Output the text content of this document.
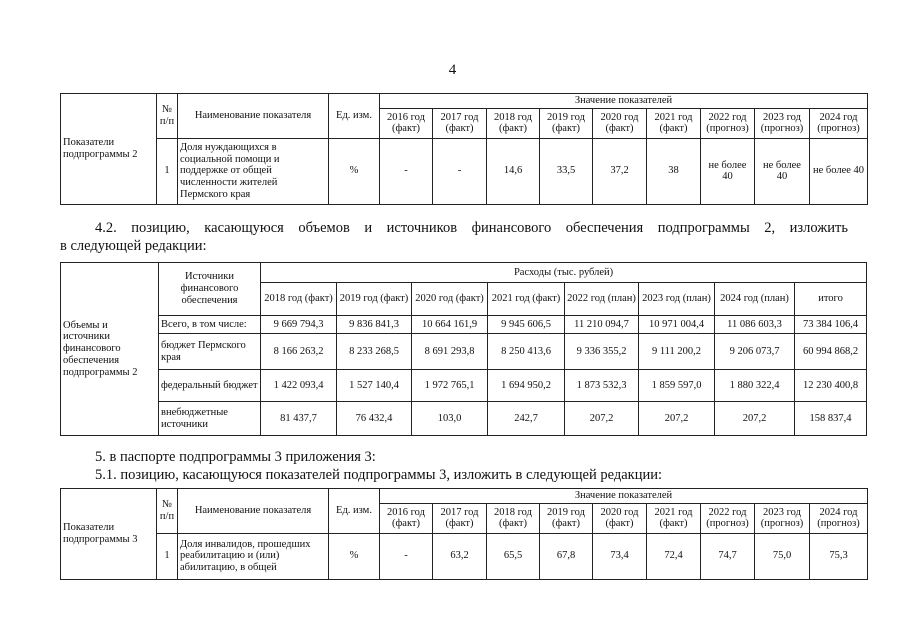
4
Показатели подпрограммы 2	№ п/п	Наименование показателя	Ед. изм.	Значение показателей								
				2016 год (факт)	2017 год (факт)	2018 год (факт)	2019 год (факт)	2020 год (факт)	2021 год (факт)	2022 год (прогноз)	2023 год (прогноз)	2024 год (прогноз)
	1	Доля нуждающихся в социальной помощи и поддержке от общей численности жителей Пермского края	%	-	-	14,6	33,5	37,2	38	не более 40	не более 40	не более 40
4.2. позицию, касающуюся объемов и источников финансового обеспечения подпрограммы 2, изложить
в следующей редакции:
Объемы и источники финансового обеспечения подпрограммы 2	Источники финансового обеспечения	Расходы (тыс. рублей)							
		2018 год (факт)	2019 год (факт)	2020 год (факт)	2021 год (факт)	2022 год (план)	2023 год (план)	2024 год (план)	итого
	Всего, в том числе:	9 669 794,3	9 836 841,3	10 664 161,9	9 945 606,5	11 210 094,7	10 971 004,4	11 086 603,3	73 384 106,4
	бюджет Пермского края	8 166 263,2	8 233 268,5	8 691 293,8	8 250 413,6	9 336 355,2	9 111 200,2	9 206 073,7	60 994 868,2
	федеральный бюджет	1 422 093,4	1 527 140,4	1 972 765,1	1 694 950,2	1 873 532,3	1 859 597,0	1 880 322,4	12 230 400,8
	внебюджетные источники	81 437,7	76 432,4	103,0	242,7	207,2	207,2	207,2	158 837,4
5. в паспорте подпрограммы 3 приложения 3:
5.1. позицию, касающуюся показателей подпрограммы 3, изложить в следующей редакции:
Показатели подпрограммы 3	№ п/п	Наименование показателя	Ед. изм.	Значение показателей								
				2016 год (факт)	2017 год (факт)	2018 год (факт)	2019 год (факт)	2020 год (факт)	2021 год (факт)	2022 год (прогноз)	2023 год (прогноз)	2024 год (прогноз)
	1	Доля инвалидов, прошедших реабилитацию и (или) абилитацию, в общей	%	-	63,2	65,5	67,8	73,4	72,4	74,7	75,0	75,3
